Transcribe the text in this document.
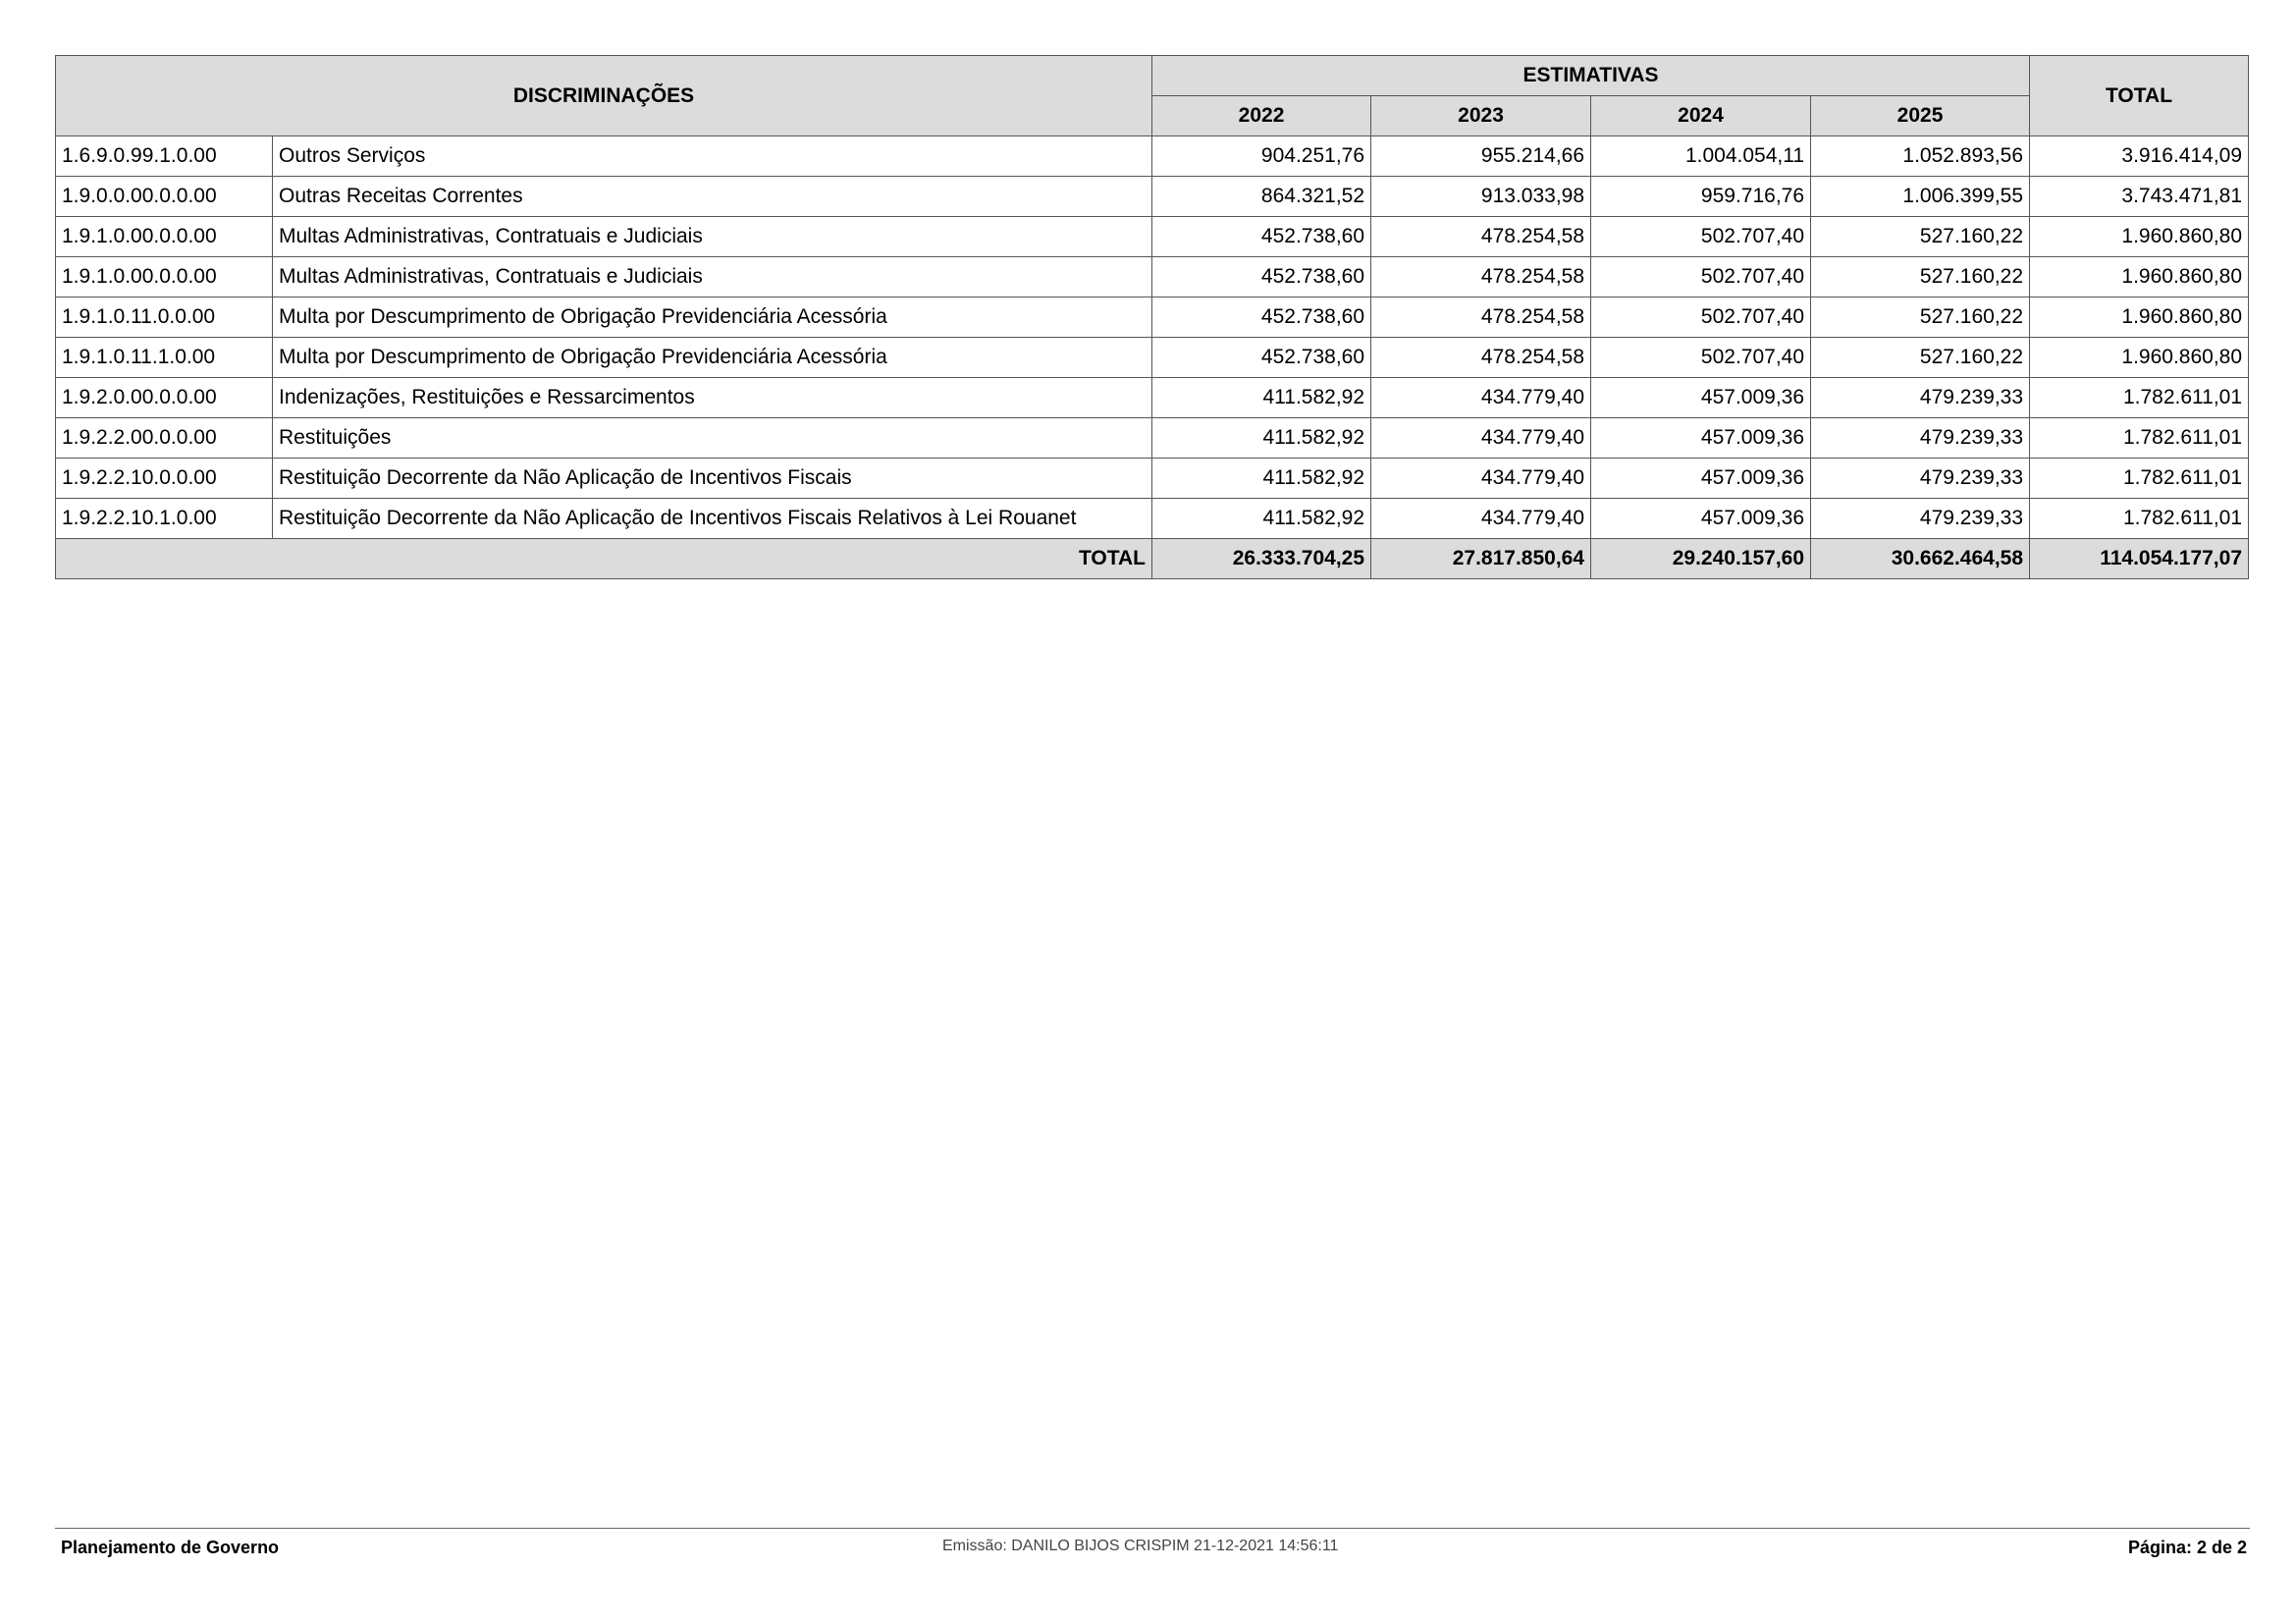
DISCRIMINAÇÕES		ESTIMATIVAS				TOTAL
		2022	2023	2024	2025	
1.6.9.0.99.1.0.00	Outros Serviços	904.251,76	955.214,66	1.004.054,11	1.052.893,56	3.916.414,09
1.9.0.0.00.0.0.00	Outras Receitas Correntes	864.321,52	913.033,98	959.716,76	1.006.399,55	3.743.471,81
1.9.1.0.00.0.0.00	Multas Administrativas, Contratuais e Judiciais	452.738,60	478.254,58	502.707,40	527.160,22	1.960.860,80
1.9.1.0.00.0.0.00	Multas Administrativas, Contratuais e Judiciais	452.738,60	478.254,58	502.707,40	527.160,22	1.960.860,80
1.9.1.0.11.0.0.00	Multa por Descumprimento de Obrigação Previdenciária Acessória	452.738,60	478.254,58	502.707,40	527.160,22	1.960.860,80
1.9.1.0.11.1.0.00	Multa por Descumprimento de Obrigação Previdenciária Acessória	452.738,60	478.254,58	502.707,40	527.160,22	1.960.860,80
1.9.2.0.00.0.0.00	Indenizações, Restituições e Ressarcimentos	411.582,92	434.779,40	457.009,36	479.239,33	1.782.611,01
1.9.2.2.00.0.0.00	Restituições	411.582,92	434.779,40	457.009,36	479.239,33	1.782.611,01
1.9.2.2.10.0.0.00	Restituição Decorrente da Não Aplicação de Incentivos Fiscais	411.582,92	434.779,40	457.009,36	479.239,33	1.782.611,01
1.9.2.2.10.1.0.00	Restituição Decorrente da Não Aplicação de Incentivos Fiscais Relativos à Lei Rouanet	411.582,92	434.779,40	457.009,36	479.239,33	1.782.611,01
TOTAL		26.333.704,25	27.817.850,64	29.240.157,60	30.662.464,58	114.054.177,07
Planejamento de Governo	Emissão: DANILO BIJOS CRISPIM 21-12-2021 14:56:11	Página: 2 de 2
